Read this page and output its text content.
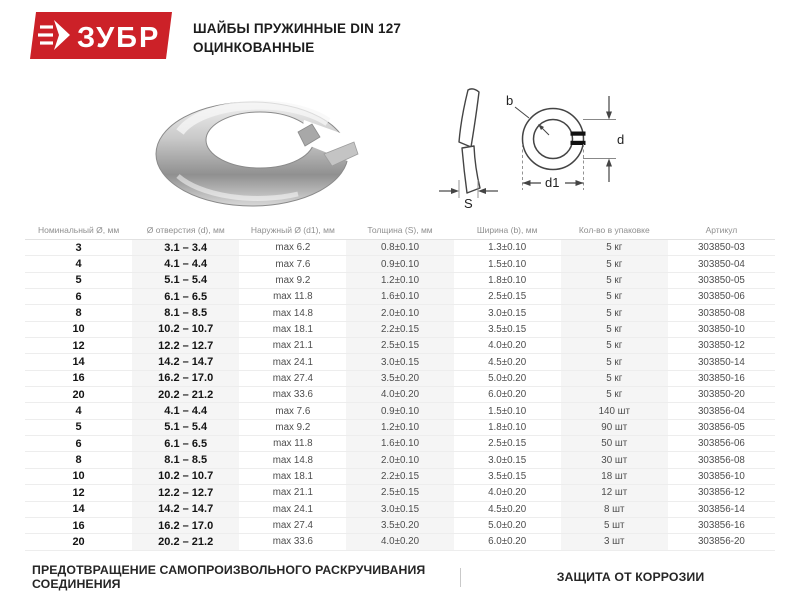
ЗУБР ШАЙБЫ ПРУЖИННЫЕ DIN 127
ОЦИНКОВАННЫЕ
S
b
d
d1
Номинальный Ø, мм	Ø отверстия (d), мм	Наружный Ø (d1), мм	Толщина (S), мм	Ширина (b), мм	Кол-во в упаковке	Артикул
3	3.1 – 3.4	max 6.2	0.8±0.10	1.3±0.10	5 кг	303850-03
4	4.1 – 4.4	max 7.6	0.9±0.10	1.5±0.10	5 кг	303850-04
5	5.1 – 5.4	max 9.2	1.2±0.10	1.8±0.10	5 кг	303850-05
6	6.1 – 6.5	max 11.8	1.6±0.10	2.5±0.15	5 кг	303850-06
8	8.1 – 8.5	max 14.8	2.0±0.10	3.0±0.15	5 кг	303850-08
10	10.2 – 10.7	max 18.1	2.2±0.15	3.5±0.15	5 кг	303850-10
12	12.2 – 12.7	max 21.1	2.5±0.15	4.0±0.20	5 кг	303850-12
14	14.2 – 14.7	max 24.1	3.0±0.15	4.5±0.20	5 кг	303850-14
16	16.2 – 17.0	max 27.4	3.5±0.20	5.0±0.20	5 кг	303850-16
20	20.2 – 21.2	max 33.6	4.0±0.20	6.0±0.20	5 кг	303850-20
4	4.1 – 4.4	max 7.6	0.9±0.10	1.5±0.10	140 шт	303856-04
5	5.1 – 5.4	max 9.2	1.2±0.10	1.8±0.10	90 шт	303856-05
6	6.1 – 6.5	max 11.8	1.6±0.10	2.5±0.15	50 шт	303856-06
8	8.1 – 8.5	max 14.8	2.0±0.10	3.0±0.15	30 шт	303856-08
10	10.2 – 10.7	max 18.1	2.2±0.15	3.5±0.15	18 шт	303856-10
12	12.2 – 12.7	max 21.1	2.5±0.15	4.0±0.20	12 шт	303856-12
14	14.2 – 14.7	max 24.1	3.0±0.15	4.5±0.20	8 шт	303856-14
16	16.2 – 17.0	max 27.4	3.5±0.20	5.0±0.20	5 шт	303856-16
20	20.2 – 21.2	max 33.6	4.0±0.20	6.0±0.20	3 шт	303856-20
ПРЕДОТВРАЩЕНИЕ САМОПРОИЗВОЛЬНОГО РАСКРУЧИВАНИЯ СОЕДИНЕНИЯ	ЗАЩИТА ОТ КОРРОЗИИ
